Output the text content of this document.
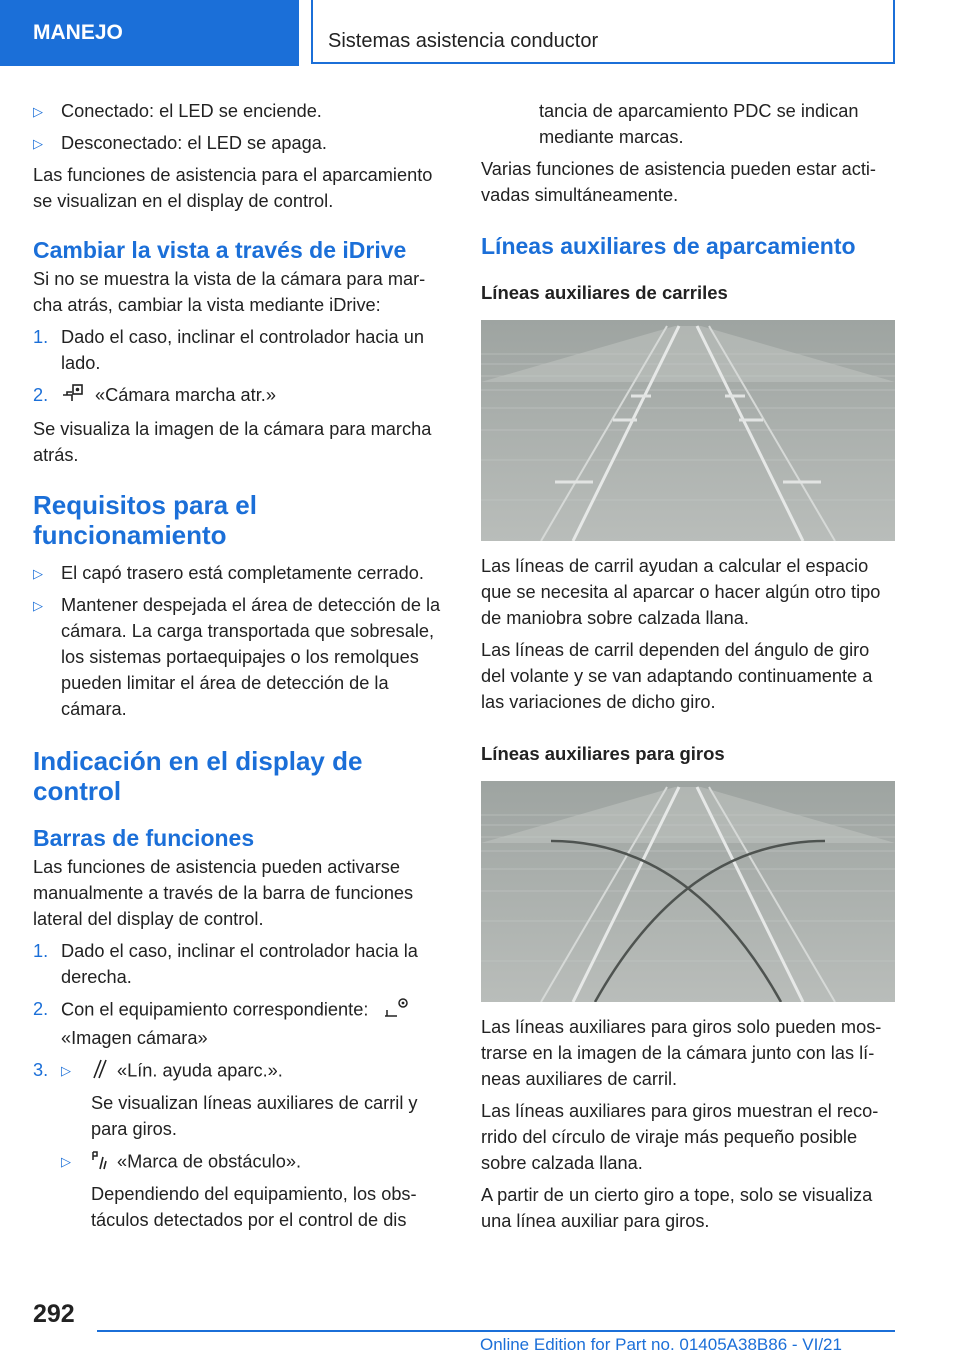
MANEJO	Sistemas asistencia conductor
▷ Conectado: el LED se enciende.
▷ Desconectado: el LED se apaga.

Las funciones de asistencia para el aparcamiento se visualizan en el display de control.

Cambiar la vista a través de iDrive

Si no se muestra la vista de la cámara para marcha atrás, cambiar la vista mediante iDrive:

1. Dado el caso, inclinar el controlador hacia un lado.
2.	«Cámara marcha atr.»

Se visualiza la imagen de la cámara para marcha atrás.

Requisitos para el funcionamiento
▷ El capó trasero está completamente cerrado.
▷ Mantener despejada el área de detección de la cámara. La carga transportada que sobresale, los sistemas portaequipajes o los remolques pueden limitar el área de detección de la cámara.
Indicación en el display de control
Barras de funciones

Las funciones de asistencia pueden activarse manualmente a través de la barra de funciones lateral del display de control.

1. Dado el caso, inclinar el controlador hacia la derecha.
2. Con el equipamiento correspondiente:
«Imagen cámara»
3. ▷	«Lín. ayuda aparc.».

Se visualizan líneas auxiliares de carril y para giros.

▷	«Marca de obstáculo».

Dependiendo del equipamiento, los obstáculos detectados por el control de dis

tancia de aparcamiento PDC se indican mediante marcas.

Varias funciones de asistencia pueden estar activadas simultáneamente.

Líneas auxiliares de aparcamiento
Líneas auxiliares de carriles

Las líneas de carril ayudan a calcular el espacio que se necesita al aparcar o hacer algún otro tipo de maniobra sobre calzada llana.

Las líneas de carril dependen del ángulo de giro del volante y se van adaptando continuamente a las variaciones de dicho giro.

Líneas auxiliares para giros

Las líneas auxiliares para giros solo pueden mostrarse en la imagen de la cámara junto con las líneas auxiliares de carril.

Las líneas auxiliares para giros muestran el recorrido del círculo de viraje más pequeño posible sobre calzada llana.

A partir de un cierto giro a tope, solo se visualiza una línea auxiliar para giros.

292
Online Edition for Part no. 01405A38B86 - VI/21
